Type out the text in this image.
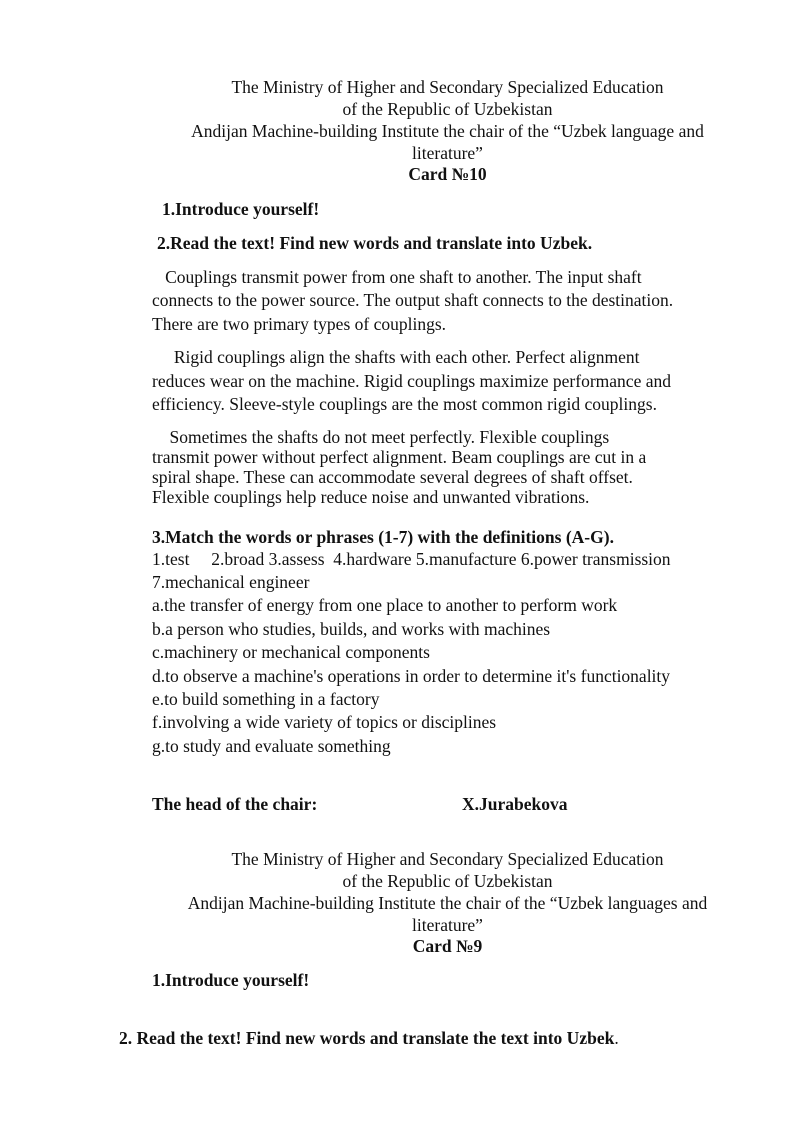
The Ministry of Higher and Secondary Specialized Education
of the Republic of Uzbekistan
Andijan Machine-building Institute the chair of the “Uzbek language and
literature”
Card №10
1.Introduce yourself!
2.Read the text! Find new words and translate into Uzbek.
Couplings transmit power from one shaft to another. The input shaft
connects to the power source. The output shaft connects to the destination.
There are two primary types of couplings.
Rigid couplings align the shafts with each other. Perfect alignment
reduces wear on the machine. Rigid couplings maximize performance and
efficiency. Sleeve-style couplings are the most common rigid couplings.
Sometimes the shafts do not meet perfectly. Flexible couplings
transmit power without perfect alignment. Beam couplings are cut in a
spiral shape. These can accommodate several degrees of shaft offset.
Flexible couplings help reduce noise and unwanted vibrations.
3.Match the words or phrases (1-7) with the definitions (A-G).
1.test     2.broad 3.assess  4.hardware 5.manufacture 6.power transmission
7.mechanical engineer
a.the transfer of energy from one place to another to perform work
b.a person who studies, builds, and works with machines
c.machinery or mechanical components
d.to observe a machine's operations in order to determine it's functionality
e.to build something in a factory
f.involving a wide variety of topics or disciplines
g.to study and evaluate something
The head of the chair:	X.Jurabekova
The Ministry of Higher and Secondary Specialized Education
of the Republic of Uzbekistan
Andijan Machine-building Institute the chair of the “Uzbek languages and
literature”
Card №9
1.Introduce yourself!
2. Read the text! Find new words and translate the text into Uzbek.
